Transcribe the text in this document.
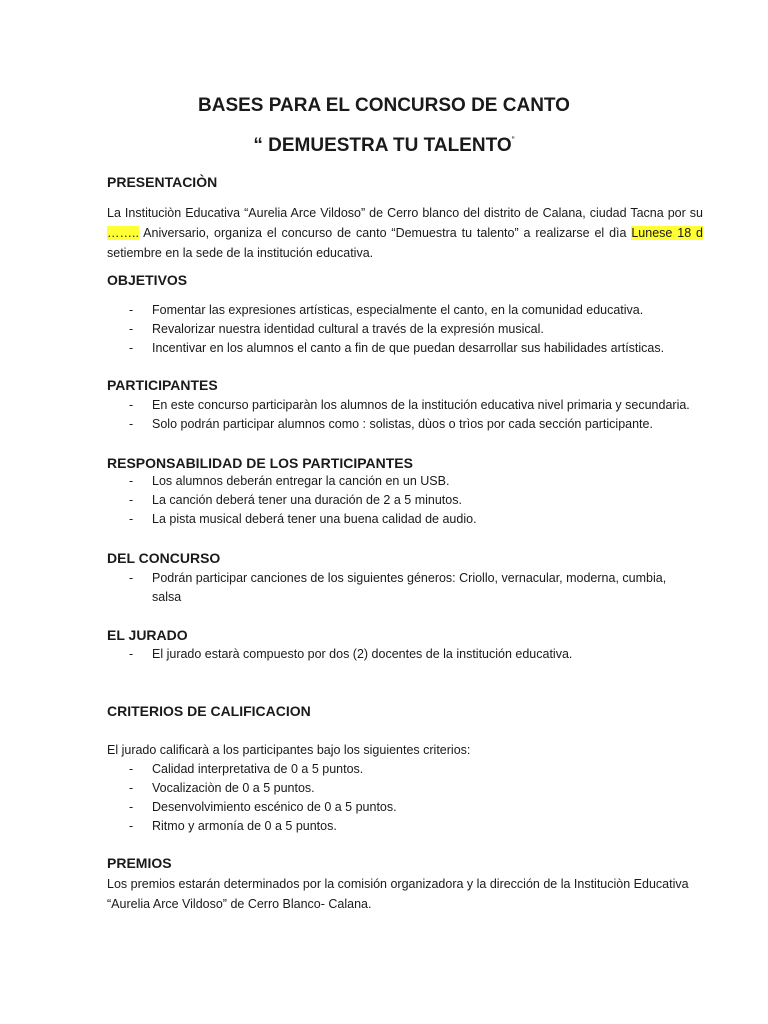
BASES PARA EL CONCURSO DE CANTO
“ DEMUESTRA TU TALENTO”
PRESENTACIÒN
La Instituciòn Educativa “Aurelia Arce Vildoso” de Cerro blanco del distrito de Calana, ciudad Tacna por su
…….. Aniversario, organiza el concurso de canto “Demuestra tu talento” a realizarse el dìa Lunese 18 d
setiembre en la sede de la institución educativa.
OBJETIVOS
- Fomentar las expresiones artísticas, especialmente el canto, en la comunidad educativa.
- Revalorizar nuestra identidad cultural a través de la expresión musical.
- Incentivar en los alumnos el canto a fin de que puedan desarrollar sus habilidades artísticas.
PARTICIPANTES
- En este concurso participaràn los alumnos de la institución educativa nivel primaria y secundaria.
- Solo podrán participar alumnos como : solistas, dùos o trìos por cada sección participante.
RESPONSABILIDAD DE LOS PARTICIPANTES
- Los alumnos deberán entregar la canción en un USB.
- La canción deberá tener una duración de 2 a 5 minutos.
- La pista musical deberá tener una buena calidad de audio.
DEL CONCURSO
- Podrán participar canciones de los siguientes géneros: Criollo, vernacular, moderna, cumbia, salsa
EL JURADO
- El jurado estarà compuesto por dos (2) docentes de la institución educativa.
CRITERIOS DE CALIFICACION
El jurado calificarà a los participantes bajo los siguientes criterios:
- Calidad interpretativa de 0 a 5 puntos.
- Vocalizaciòn de 0 a 5 puntos.
- Desenvolvimiento escénico de 0 a 5 puntos.
- Ritmo y armonía de 0 a 5 puntos.
PREMIOS
Los premios estarán determinados por la comisión organizadora y la dirección de la Instituciòn Educativa
“Aurelia Arce Vildoso” de Cerro Blanco- Calana.
